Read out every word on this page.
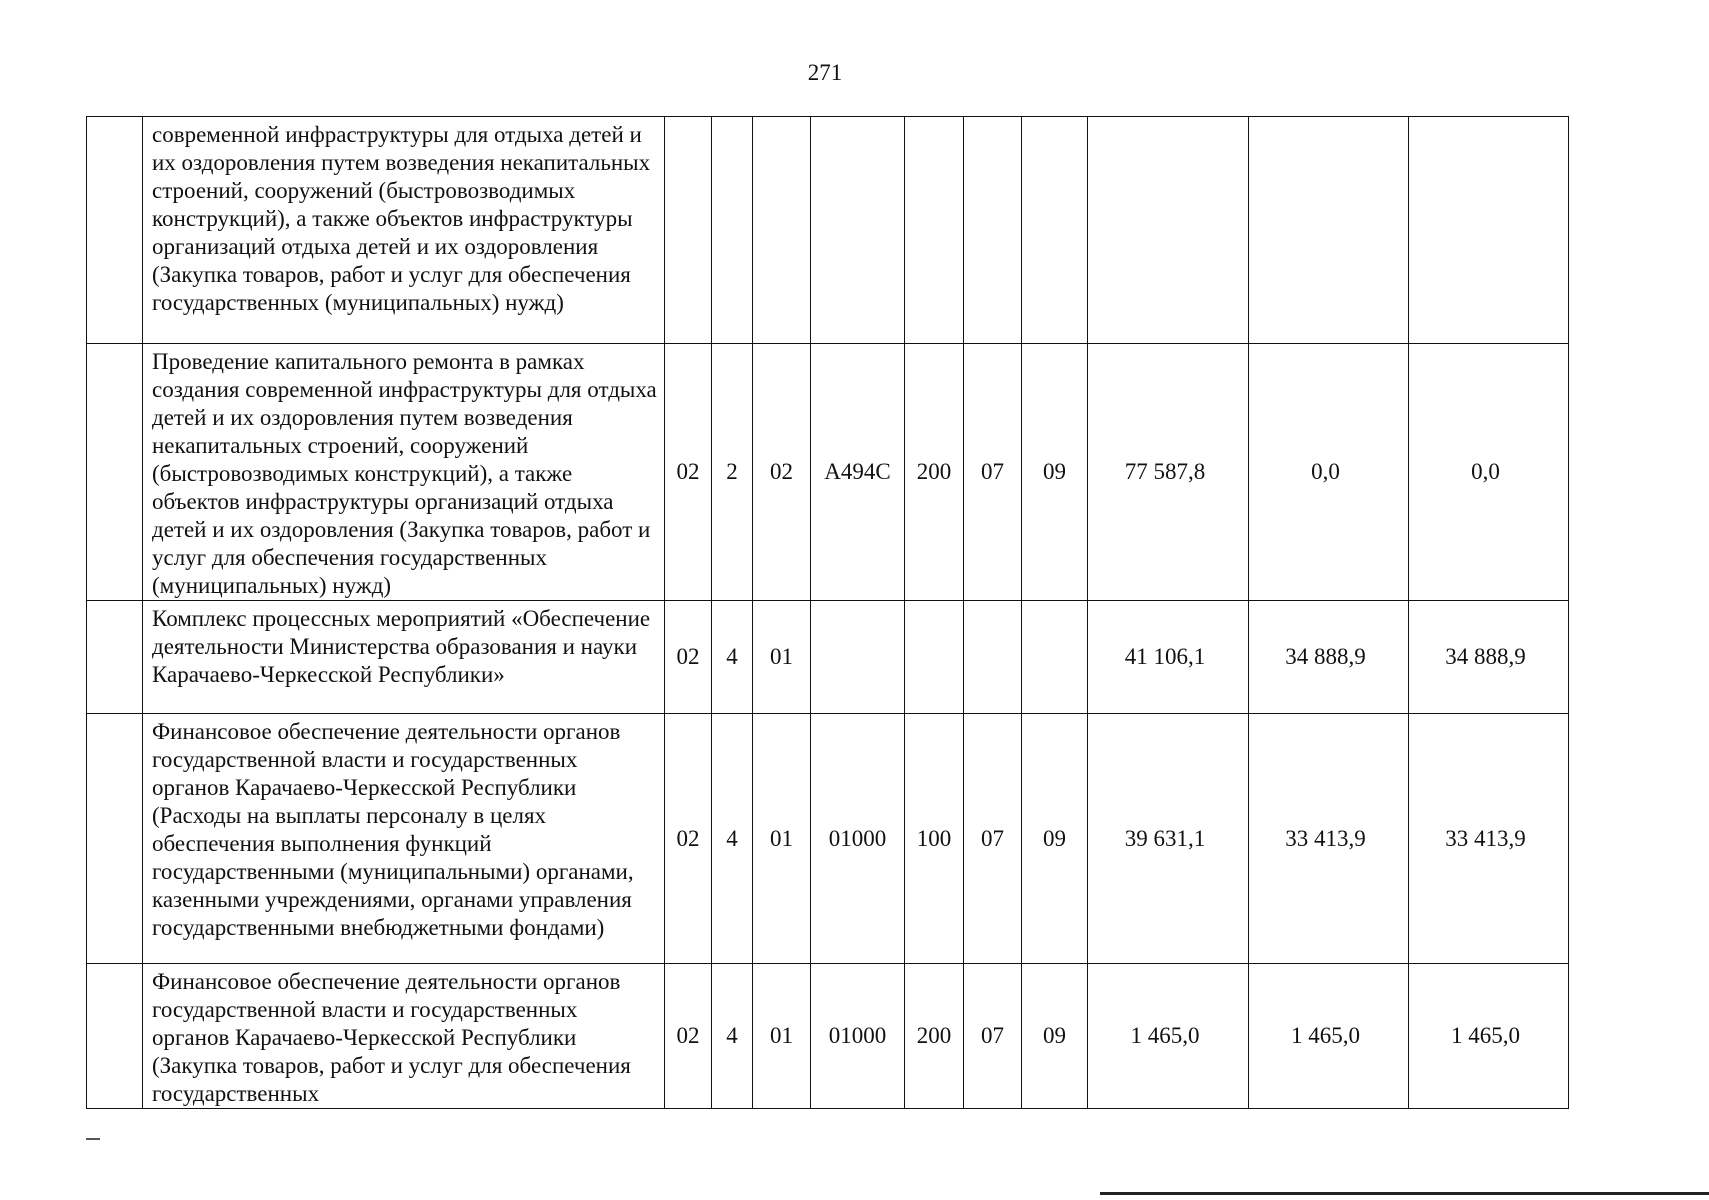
271
	современной инфраструктуры для отдыха детей и их оздоровления путем возведения некапитальных строений, сооружений (быстровозводимых конструкций), а также объектов инфраструктуры организаций отдыха детей и их оздоровления (Закупка товаров, работ и услуг для обеспечения государственных (муниципальных) нужд)										
	Проведение капитального ремонта в рамках создания современной инфраструктуры для отдыха детей и их оздоровления путем возведения некапитальных строений, сооружений (быстровозводимых конструкций), а также объектов инфраструктуры организаций отдыха детей и их оздоровления (Закупка товаров, работ и услуг для обеспечения государственных (муниципальных) нужд)	02	2	02	А494С	200	07	09	77 587,8	0,0	0,0
	Комплекс процессных мероприятий «Обеспечение деятельности Министерства образования и науки Карачаево-Черкесской Республики»	02	4	01					41 106,1	34 888,9	34 888,9
	Финансовое обеспечение деятельности органов государственной власти и государственных органов Карачаево-Черкесской Республики (Расходы на выплаты персоналу в целях обеспечения выполнения функций государственными (муниципальными) органами, казенными учреждениями, органами управления государственными внебюджетными фондами)	02	4	01	01000	100	07	09	39 631,1	33 413,9	33 413,9
	Финансовое обеспечение деятельности органов государственной власти и государственных органов Карачаево-Черкесской Республики (Закупка товаров, работ и услуг для обеспечения государственных	02	4	01	01000	200	07	09	1 465,0	1 465,0	1 465,0
